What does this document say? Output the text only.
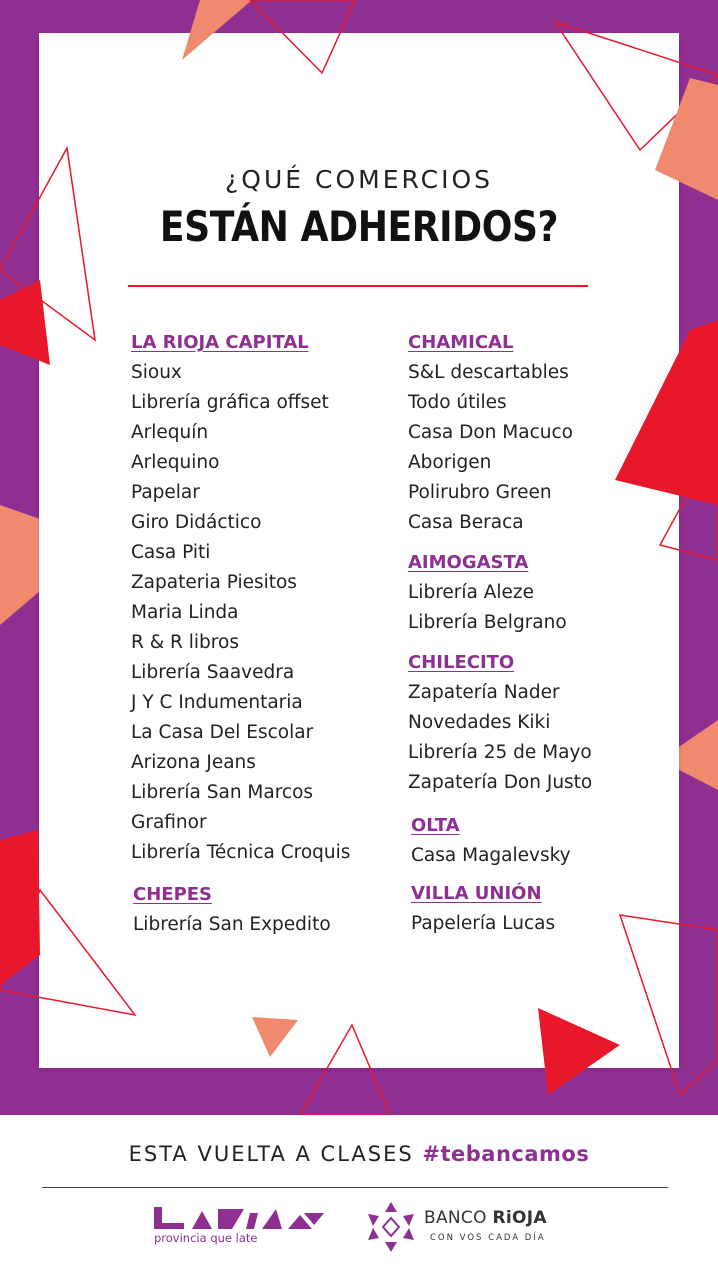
¿QUÉ COMERCIOS
ESTÁN ADHERIDOS?
LA RIOJA CAPITAL
Sioux
Librería gráfica offset
Arlequín
Arlequino
Papelar
Giro Didáctico
Casa Piti
Zapateria Piesitos
Maria Linda
R & R libros
Librería Saavedra
J Y C Indumentaria
La Casa Del Escolar
Arizona Jeans
Librería San Marcos
Grafinor
Librería Técnica Croquis
CHEPES
Librería San Expedito
CHAMICAL
S&L descartables
Todo útiles
Casa Don Macuco
Aborigen
Polirubro Green
Casa Beraca
AIMOGASTA
Librería Aleze
Librería Belgrano
CHILECITO
Zapatería Nader
Novedades Kiki
Librería 25 de Mayo
Zapatería Don Justo
OLTA
Casa Magalevsky
VILLA UNIÓN
Papelería Lucas
ESTA VUELTA A CLASES #tebancamos
provincia que late
BANCO RiOJA
CON VOS CADA DÍA
